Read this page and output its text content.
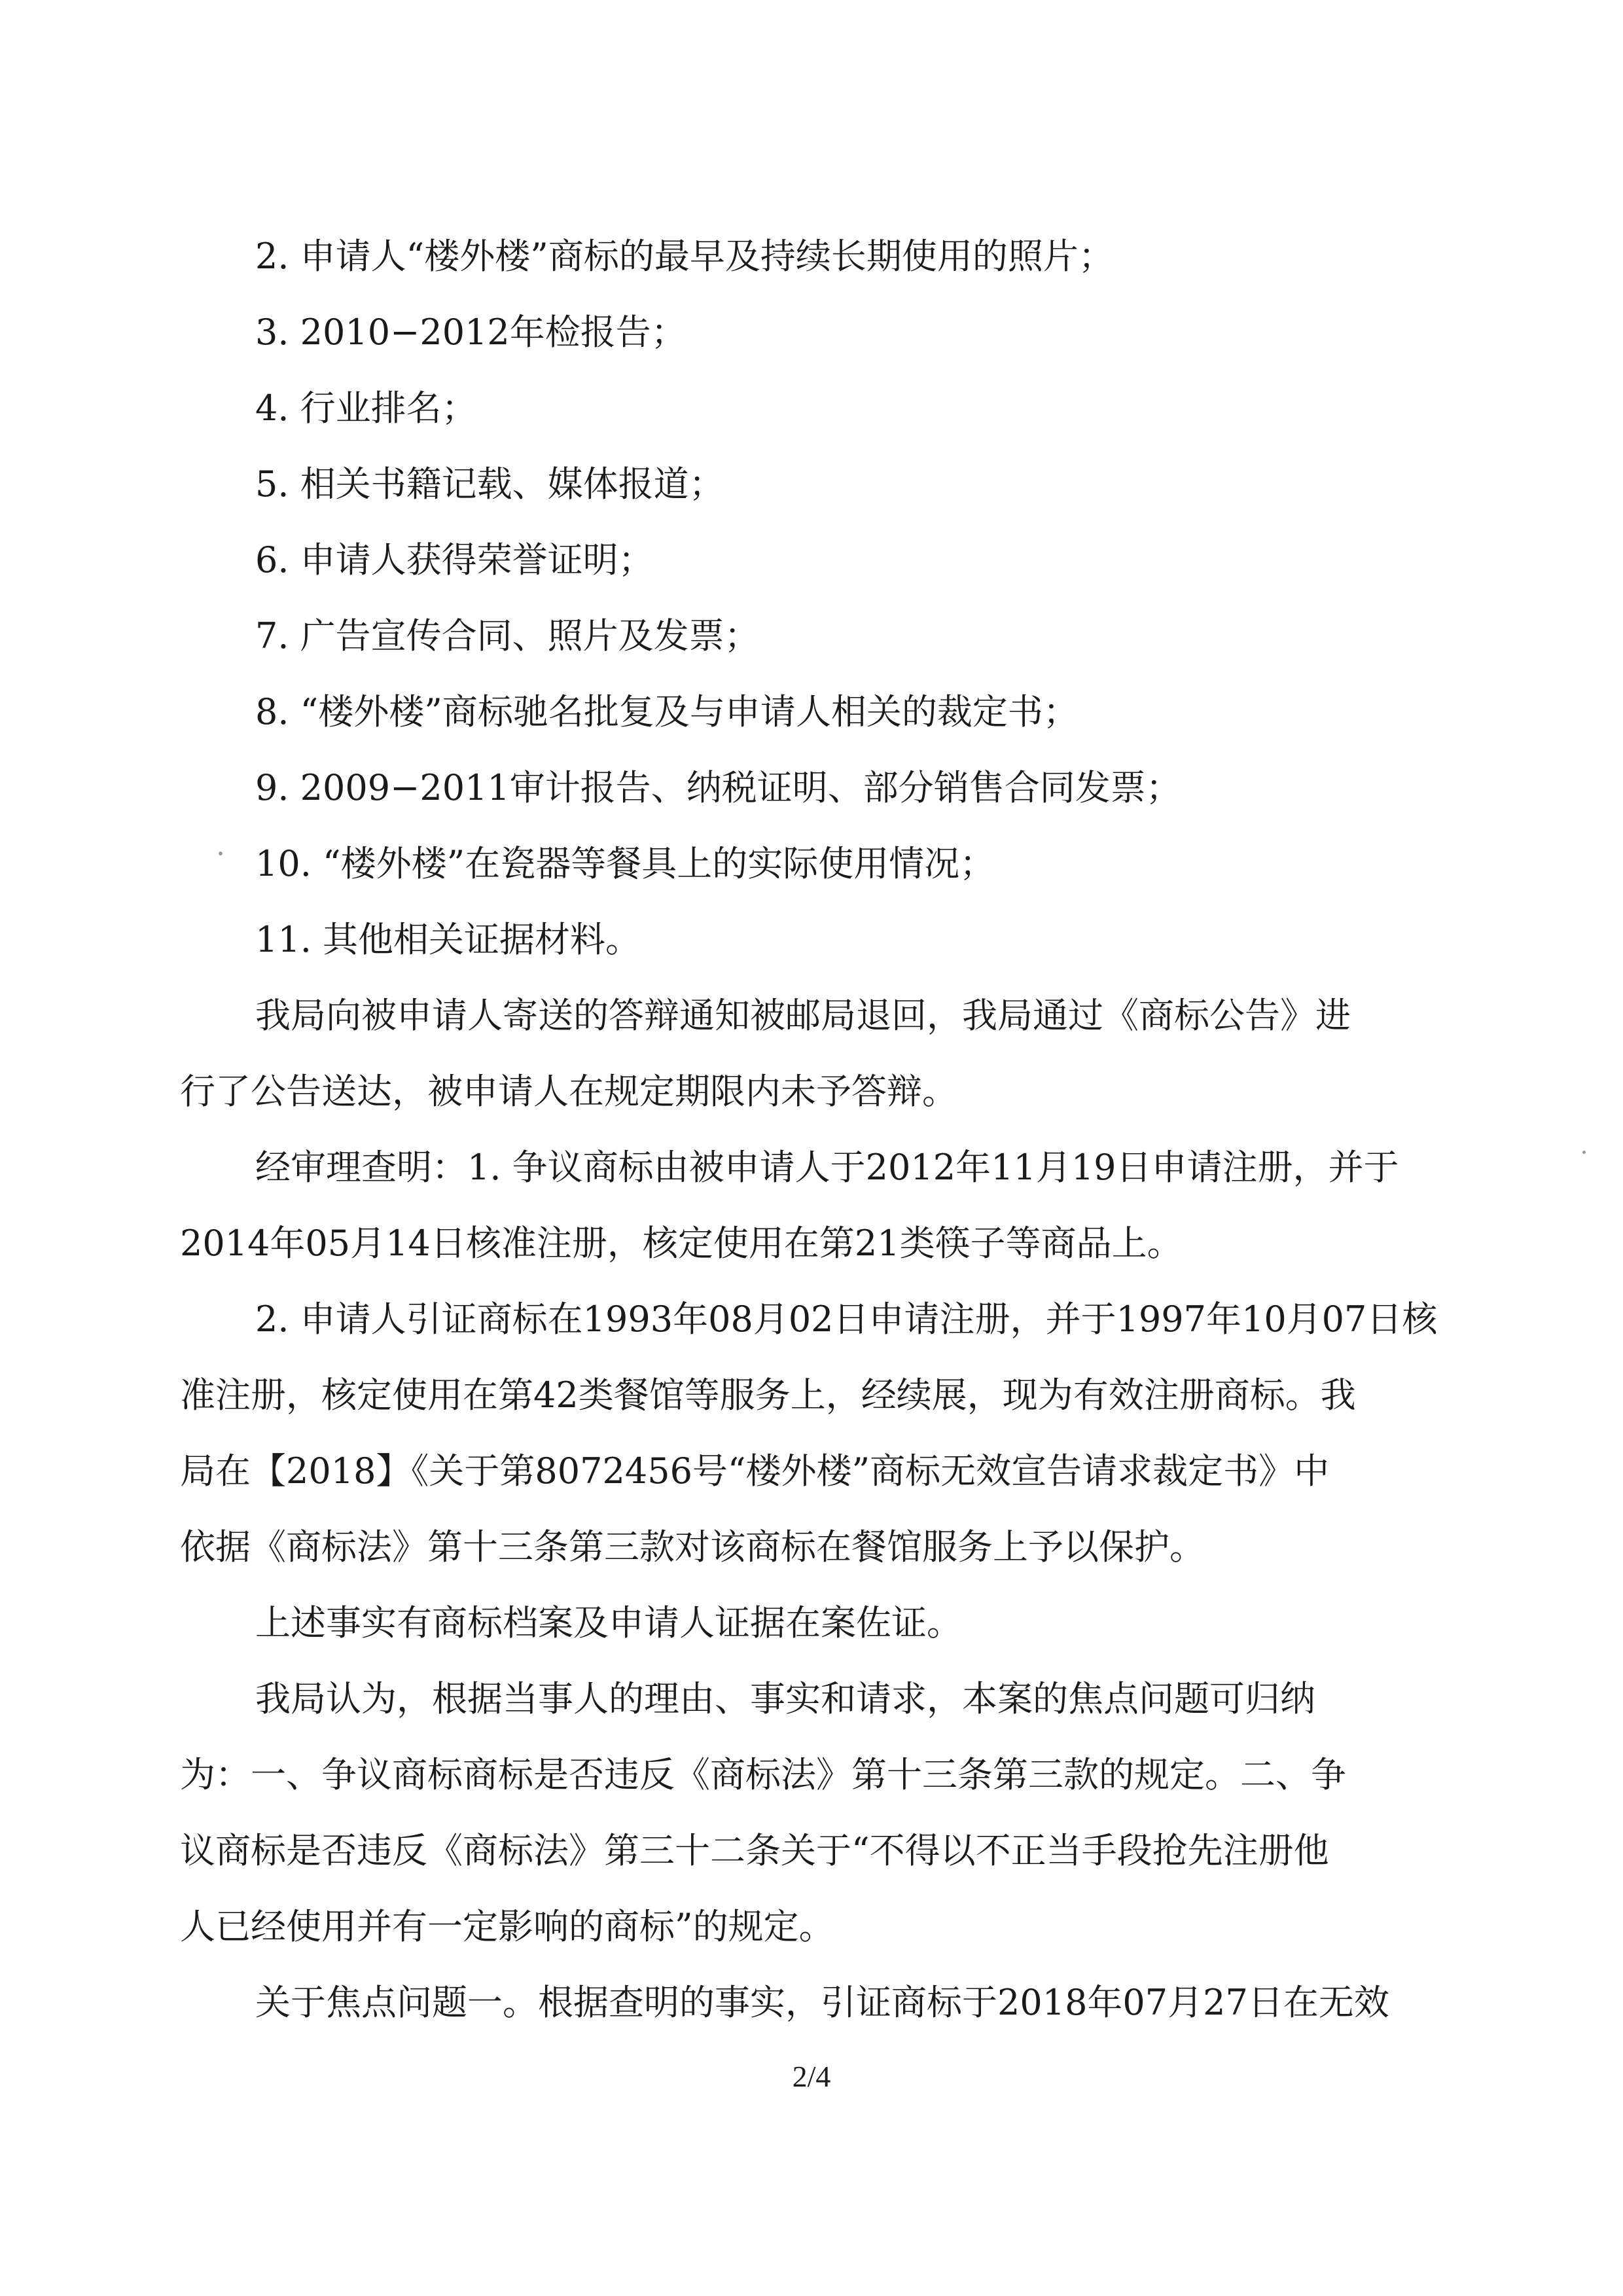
2. 申请人“楼外楼”商标的最早及持续长期使用的照片；
3. 2010−2012年检报告；
4. 行业排名；
5. 相关书籍记载、媒体报道；
6. 申请人获得荣誉证明；
7. 广告宣传合同、照片及发票；
8. “楼外楼”商标驰名批复及与申请人相关的裁定书；
9. 2009−2011审计报告、纳税证明、部分销售合同发票；
10. “楼外楼”在瓷器等餐具上的实际使用情况；
11. 其他相关证据材料。
我局向被申请人寄送的答辩通知被邮局退回，我局通过《商标公告》进
行了公告送达，被申请人在规定期限内未予答辩。
经审理查明：1. 争议商标由被申请人于2012年11月19日申请注册，并于
2014年05月14日核准注册，核定使用在第21类筷子等商品上。
2. 申请人引证商标在1993年08月02日申请注册，并于1997年10月07日核
准注册，核定使用在第42类餐馆等服务上，经续展，现为有效注册商标。我
局在【2018】《关于第8072456号“楼外楼”商标无效宣告请求裁定书》中
依据《商标法》第十三条第三款对该商标在餐馆服务上予以保护。
上述事实有商标档案及申请人证据在案佐证。
我局认为，根据当事人的理由、事实和请求，本案的焦点问题可归纳
为：一、争议商标商标是否违反《商标法》第十三条第三款的规定。二、争
议商标是否违反《商标法》第三十二条关于“不得以不正当手段抢先注册他
人已经使用并有一定影响的商标”的规定。
关于焦点问题一。根据查明的事实，引证商标于2018年07月27日在无效
2/4
